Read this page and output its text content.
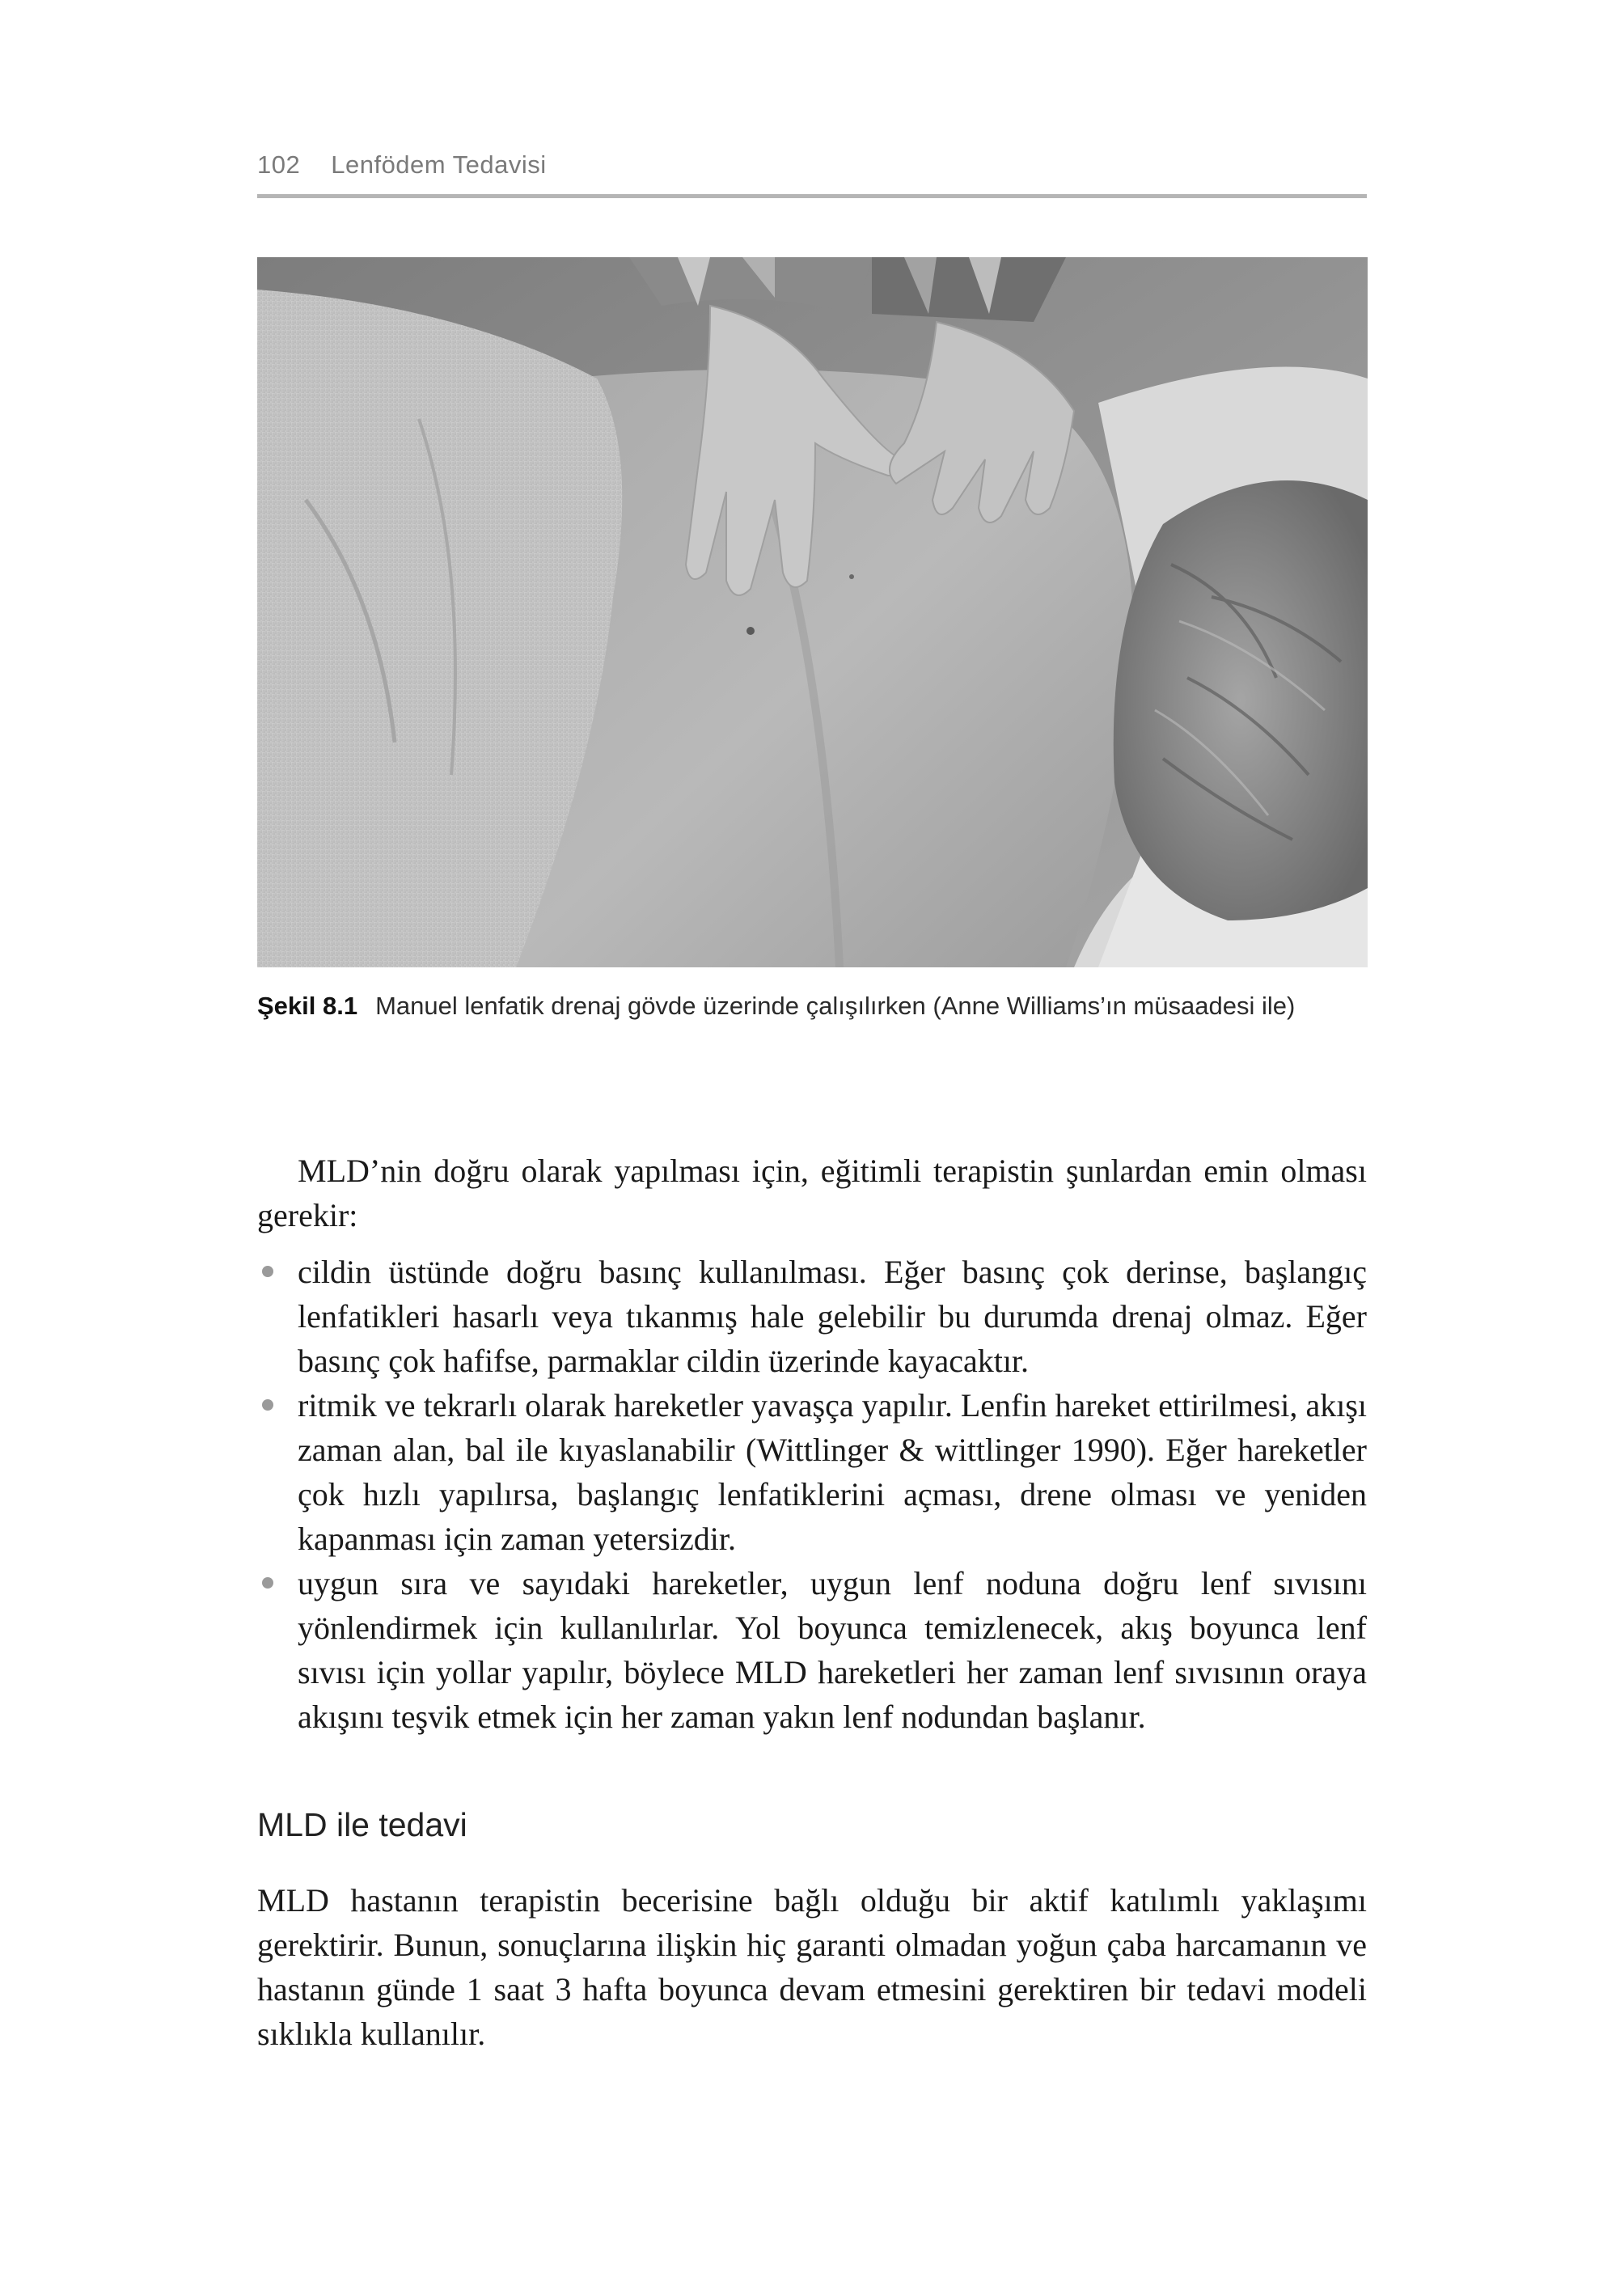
102 Lenfödem Tedavisi
Şekil 8.1 Manuel lenfatik drenaj gövde üzerinde çalışılırken (Anne Williams’ın müsaadesi ile)

MLD’nin doğru olarak yapılması için, eğitimli terapistin şunlardan emin olması gerekir:

cildin üstünde doğru basınç kullanılması. Eğer basınç çok derinse, başlangıç lenfatikleri hasarlı veya tıkanmış hale gelebilir bu durumda drenaj olmaz. Eğer basınç çok hafifse, parmaklar cildin üzerinde kayacaktır.
ritmik ve tekrarlı olarak hareketler yavaşça yapılır. Lenfin hareket ettirilmesi, akışı zaman alan, bal ile kıyaslanabilir (Wittlinger & wittlinger 1990). Eğer hareketler çok hızlı yapılırsa, başlangıç lenfatiklerini açması, drene olması ve yeniden kapanması için zaman yetersizdir.
uygun sıra ve sayıdaki hareketler, uygun lenf noduna doğru lenf sıvısını yönlendirmek için kullanılırlar. Yol boyunca temizlenecek, akış boyunca lenf sıvısı için yollar yapılır, böylece MLD hareketleri her zaman lenf sıvısının oraya akışını teşvik etmek için her zaman yakın lenf nodundan başlanır.
MLD ile tedavi

MLD hastanın terapistin becerisine bağlı olduğu bir aktif katılımlı yaklaşımı gerektirir. Bunun, sonuçlarına ilişkin hiç garanti olmadan yoğun çaba harcamanın ve hastanın günde 1 saat 3 hafta boyunca devam etmesini gerektiren bir tedavi modeli sıklıkla kullanılır.
